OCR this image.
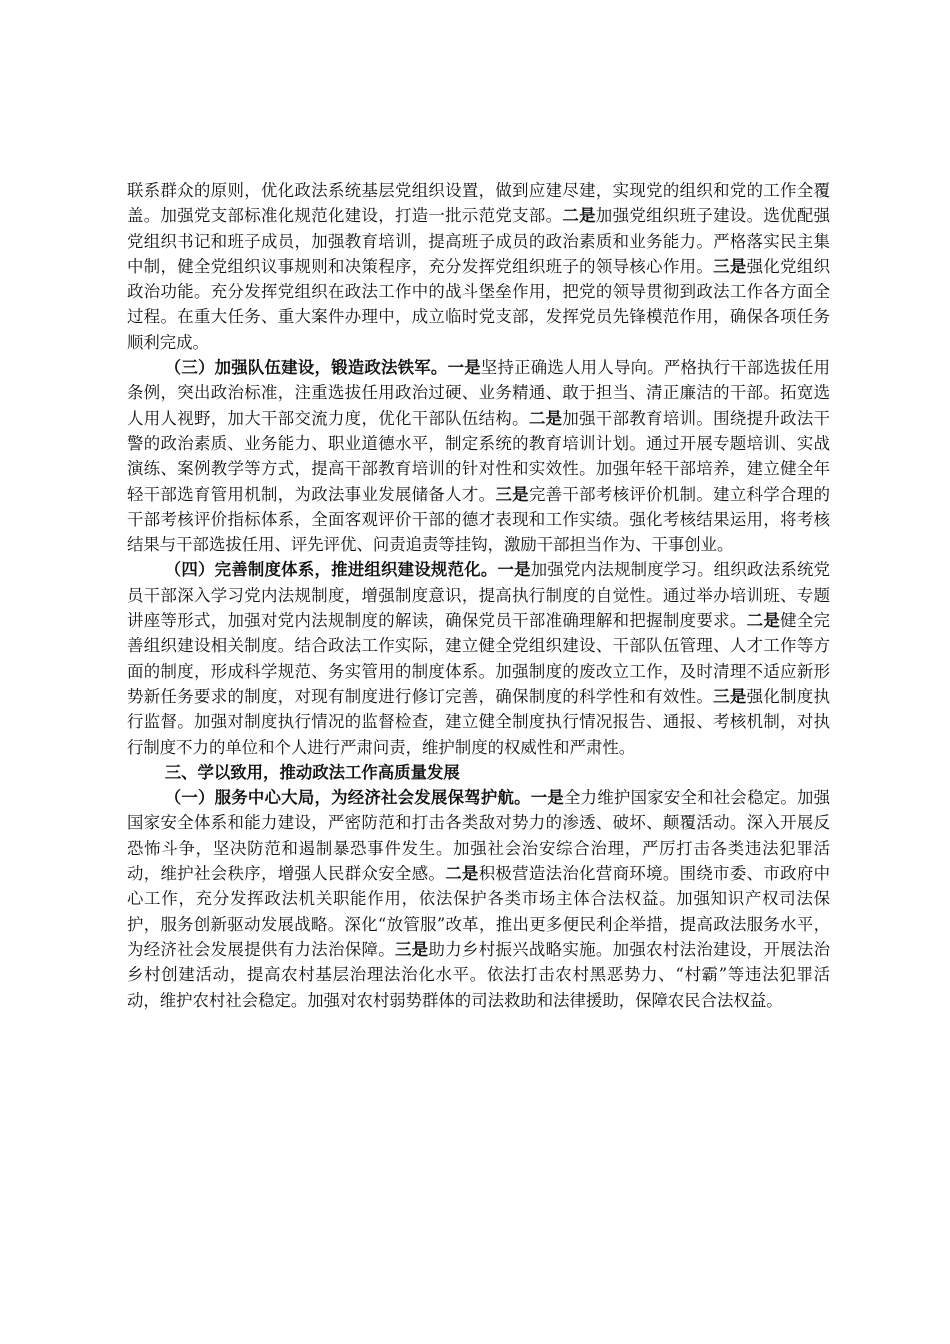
联系群众的原则，优化政法系统基层党组织设置，做到应建尽建，实现党的组织和党的工作全覆盖。加强党支部标准化规范化建设，打造一批示范党支部。二是加强党组织班子建设。选优配强党组织书记和班子成员，加强教育培训，提高班子成员的政治素质和业务能力。严格落实民主集中制，健全党组织议事规则和决策程序，充分发挥党组织班子的领导核心作用。三是强化党组织政治功能。充分发挥党组织在政法工作中的战斗堡垒作用，把党的领导贯彻到政法工作各方面全过程。在重大任务、重大案件办理中，成立临时党支部，发挥党员先锋模范作用，确保各项任务顺利完成。

（三）加强队伍建设，锻造政法铁军。一是坚持正确选人用人导向。严格执行干部选拔任用条例，突出政治标准，注重选拔任用政治过硬、业务精通、敢于担当、清正廉洁的干部。拓宽选人用人视野，加大干部交流力度，优化干部队伍结构。二是加强干部教育培训。围绕提升政法干警的政治素质、业务能力、职业道德水平，制定系统的教育培训计划。通过开展专题培训、实战演练、案例教学等方式，提高干部教育培训的针对性和实效性。加强年轻干部培养，建立健全年轻干部选育管用机制，为政法事业发展储备人才。三是完善干部考核评价机制。建立科学合理的干部考核评价指标体系，全面客观评价干部的德才表现和工作实绩。强化考核结果运用，将考核结果与干部选拔任用、评先评优、问责追责等挂钩，激励干部担当作为、干事创业。

（四）完善制度体系，推进组织建设规范化。一是加强党内法规制度学习。组织政法系统党员干部深入学习党内法规制度，增强制度意识，提高执行制度的自觉性。通过举办培训班、专题讲座等形式，加强对党内法规制度的解读，确保党员干部准确理解和把握制度要求。二是健全完善组织建设相关制度。结合政法工作实际，建立健全党组织建设、干部队伍管理、人才工作等方面的制度，形成科学规范、务实管用的制度体系。加强制度的废改立工作，及时清理不适应新形势新任务要求的制度，对现有制度进行修订完善，确保制度的科学性和有效性。三是强化制度执行监督。加强对制度执行情况的监督检查，建立健全制度执行情况报告、通报、考核机制，对执行制度不力的单位和个人进行严肃问责，维护制度的权威性和严肃性。

三、学以致用，推动政法工作高质量发展

（一）服务中心大局，为经济社会发展保驾护航。一是全力维护国家安全和社会稳定。加强国家安全体系和能力建设，严密防范和打击各类敌对势力的渗透、破坏、颠覆活动。深入开展反恐怖斗争，坚决防范和遏制暴恐事件发生。加强社会治安综合治理，严厉打击各类违法犯罪活动，维护社会秩序，增强人民群众安全感。二是积极营造法治化营商环境。围绕市委、市政府中心工作，充分发挥政法机关职能作用，依法保护各类市场主体合法权益。加强知识产权司法保护，服务创新驱动发展战略。深化“放管服”改革，推出更多便民利企举措，提高政法服务水平，为经济社会发展提供有力法治保障。三是助力乡村振兴战略实施。加强农村法治建设，开展法治乡村创建活动，提高农村基层治理法治化水平。依法打击农村黑恶势力、“村霸”等违法犯罪活动，维护农村社会稳定。加强对农村弱势群体的司法救助和法律援助，保障农民合法权益。
